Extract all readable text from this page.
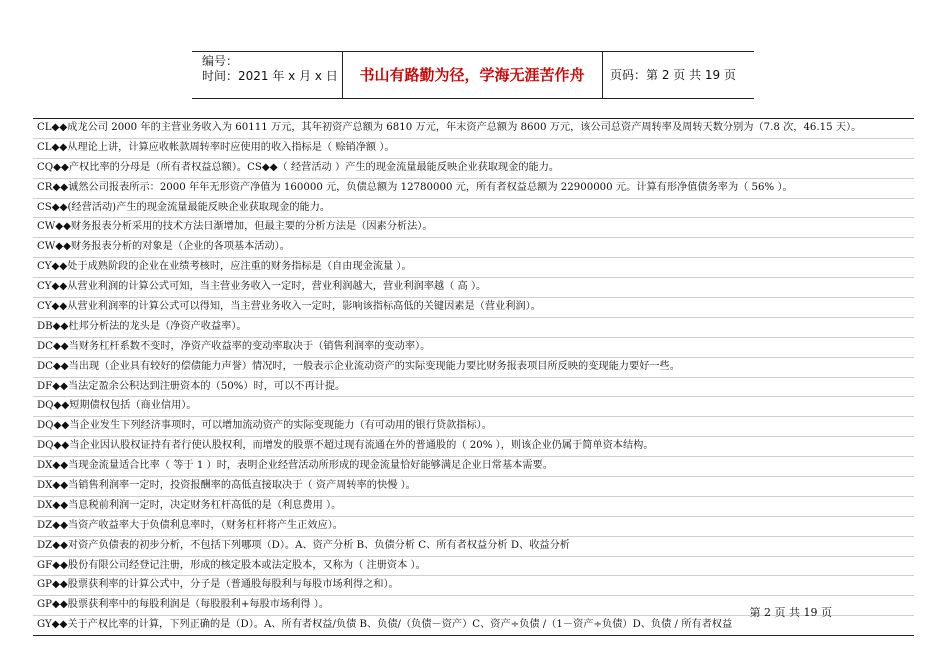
编号：
时间：2021 年 x 月 x 日	书山有路勤为径，学海无涯苦作舟	页码：第 2 页 共 19 页
CL◆◆成龙公司 2000 年的主营业务收入为 60111 万元，其年初资产总额为 6810 万元，年末资产总额为 8600 万元，该公司总资产周转率及周转天数分别为（7.8 次，46.15 天）。
CL◆◆从理论上讲，计算应收帐款周转率时应使用的收入指标是（ 赊销净额 ）。
CQ◆◆产权比率的分母是（所有者权益总额）。CS◆◆（ 经营活动 ）产生的现金流量最能反映企业获取现金的能力。
CR◆◆诚然公司报表所示：2000 年年无形资产净值为 160000 元，负债总额为 12780000 元，所有者权益总额为 22900000 元。计算有形净值债务率为（ 56% ）。
CS◆◆(经营活动)产生的现金流量最能反映企业获取现金的能力。
CW◆◆财务报表分析采用的技术方法日渐增加，但最主要的分析方法是（因素分析法）。
CW◆◆财务报表分析的对象是（企业的各项基本活动）。
CY◆◆处于成熟阶段的企业在业绩考核时，应注重的财务指标是（自由现金流量 ）。
CY◆◆从营业利润的计算公式可知，当主营业务收入一定时，营业利润越大，营业利润率越（ 高 ）。
CY◆◆从营业利润率的计算公式可以得知，当主营业务收入一定时，影响该指标高低的关键因素是（营业利润）。
DB◆◆杜邦分析法的龙头是（净资产收益率）。
DC◆◆当财务杠杆系数不变时，净资产收益率的变动率取决于（销售利润率的变动率）。
DC◆◆当出现（企业具有较好的偿债能力声誉）情况时，一般表示企业流动资产的实际变现能力要比财务报表项目所反映的变现能力要好一些。
DF◆◆当法定盈余公积达到注册资本的（50%）时，可以不再计提。
DQ◆◆短期债权包括（商业信用）。
DQ◆◆当企业发生下列经济事项时，可以增加流动资产的实际变现能力（有可动用的银行贷款指标）。
DQ◆◆当企业因认股权证持有者行使认股权利，而增发的股票不超过现有流通在外的普通股的（ 20% ），则该企业仍属于简单资本结构。
DX◆◆当现金流量适合比率（ 等于 1 ）时，表明企业经营活动所形成的现金流量恰好能够满足企业日常基本需要。
DX◆◆当销售利润率一定时，投资报酬率的高低直接取决于（ 资产周转率的快慢 ）。
DX◆◆当息税前利润一定时，决定财务杠杆高低的是（利息费用 ）。
DZ◆◆当资产收益率大于负债利息率时，（财务杠杆将产生正效应）。
DZ◆◆对资产负债表的初步分析，不包括下列哪项（D）。A、资产分析 B、负债分析 C、所有者权益分析 D、收益分析
GF◆◆股份有限公司经登记注册，形成的核定股本或法定股本，又称为（ 注册资本 ）。
GP◆◆股票获利率的计算公式中，分子是（普通股每股利与每股市场利得之和）。
GP◆◆股票获利率中的每股利润是（每股股利+每股市场利得 ）。
GY◆◆关于产权比率的计算，下列正确的是（D）。A、所有者权益/负债 B、负债/（负债－资产）C、资产÷负债 /（1－资产÷负债）D、负债 / 所有者权益
第 2 页 共 19 页
